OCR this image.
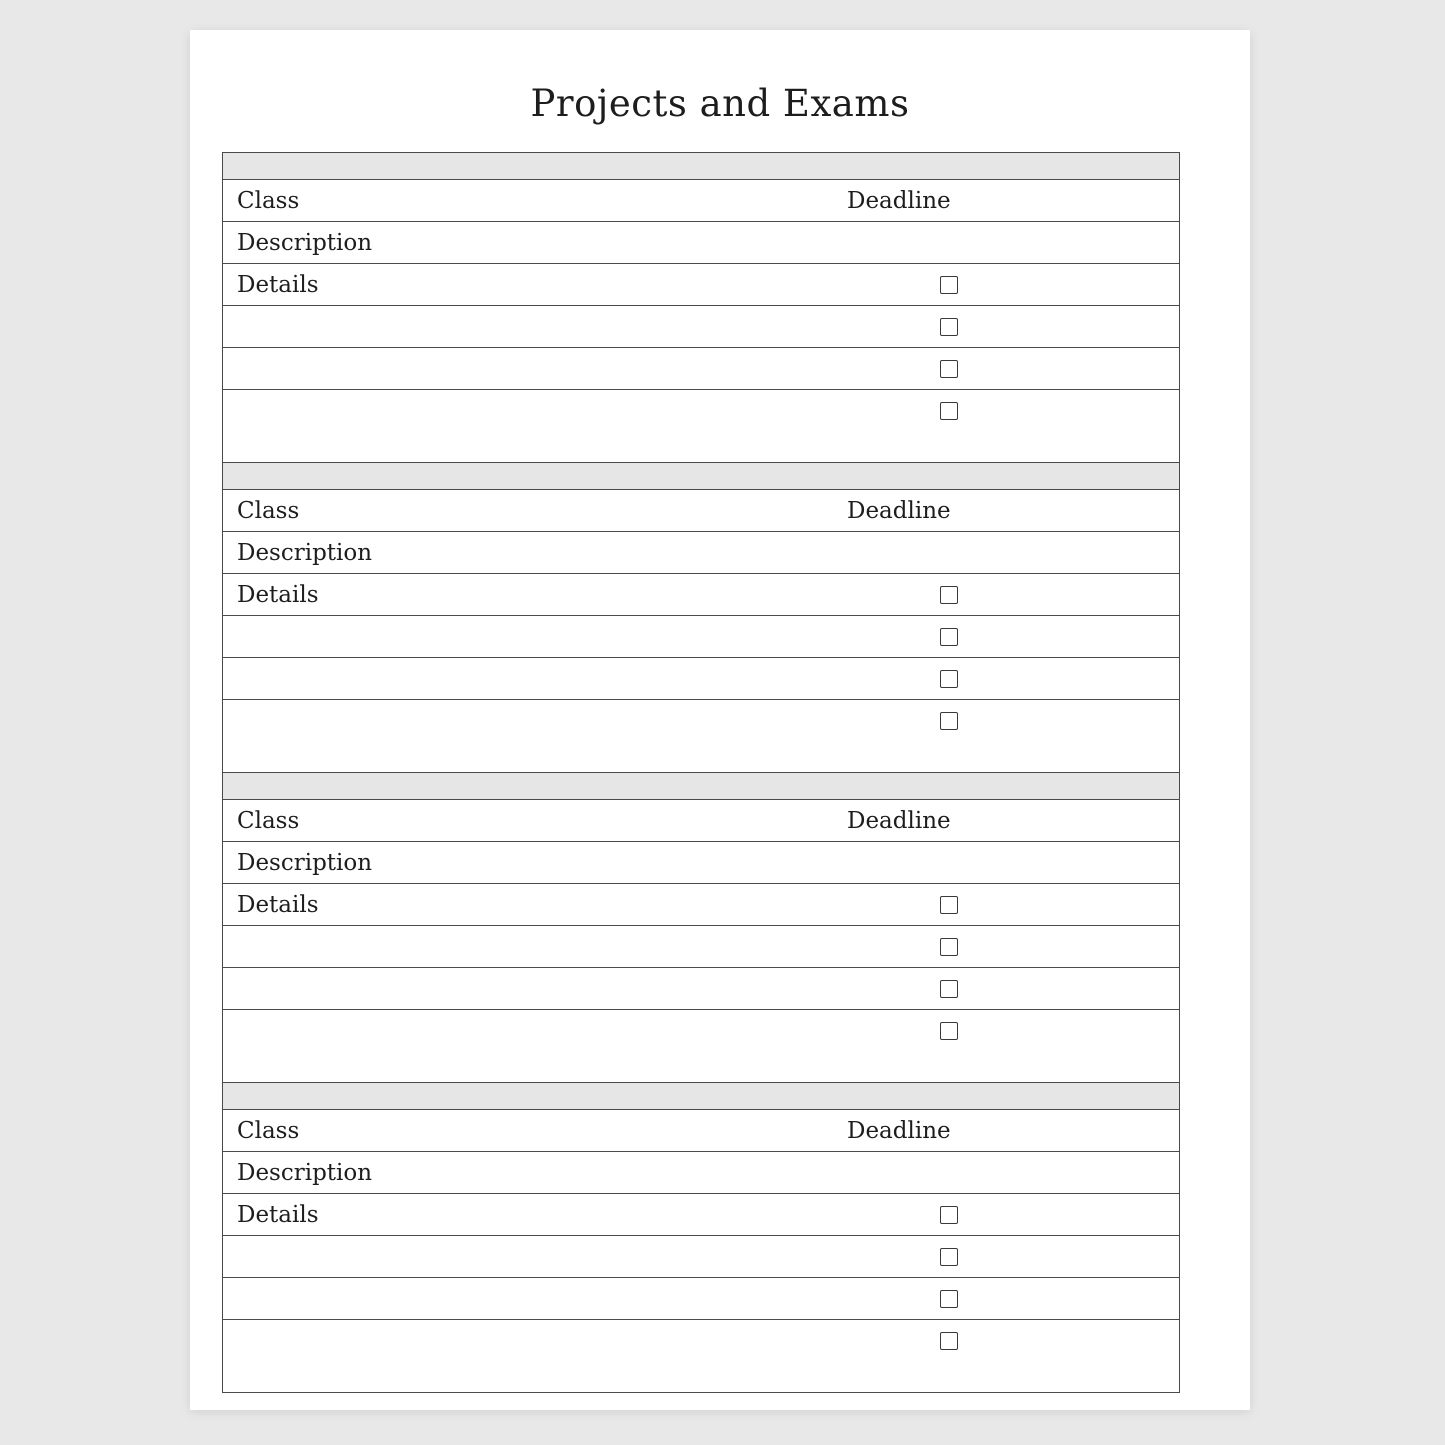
Projects and Exams
Class	Deadline
Description
Details
Class	Deadline
Description
Details
Class	Deadline
Description
Details
Class	Deadline
Description
Details
